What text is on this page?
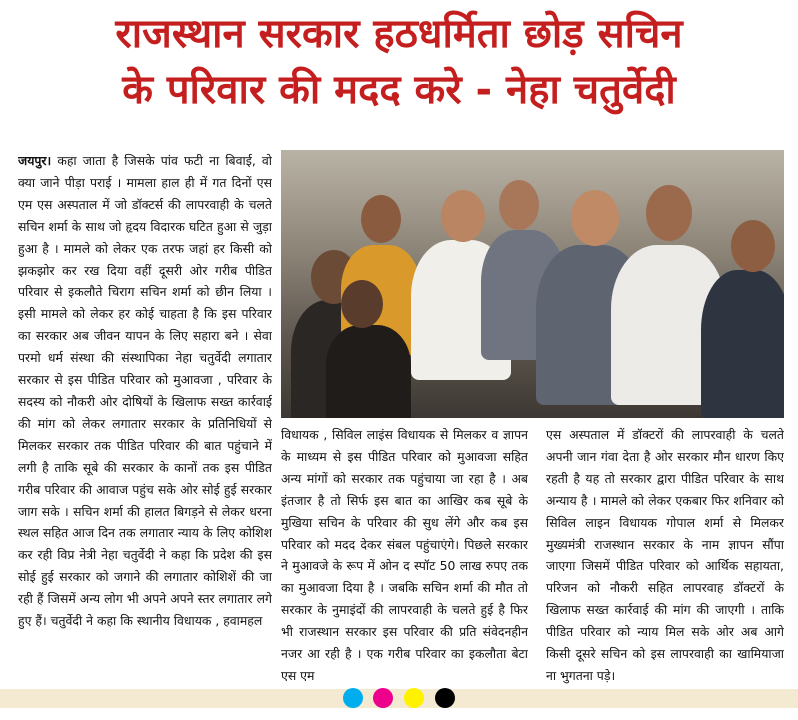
राजस्थान सरकार हठधर्मिता छोड़ सचिन
के परिवार की मदद करे - नेहा चतुर्वेदी
जयपुर। कहा जाता है जिसके पांव फटी ना बिवाई, वो क्या जाने पीड़ा पराई । मामला हाल ही में गत दिनों एस एम एस अस्पताल में जो डॉक्टर्स की लापरवाही के चलते सचिन शर्मा के साथ जो हृदय विदारक घटित हुआ से जुड़ा हुआ है । मामले को लेकर एक तरफ जहां हर किसी को झकझोर कर रख दिया वहीं दूसरी ओर गरीब पीडित परिवार से इकलौते चिराग सचिन शर्मा को छीन लिया । इसी मामले को लेकर हर कोई चाहता है कि इस परिवार का सरकार अब जीवन यापन के लिए सहारा बने । सेवा परमो धर्म संस्था की संस्थापिका नेहा चतुर्वेदी लगातार सरकार से इस पीडित परिवार को मुआवजा , परिवार के सदस्य को नौकरी ओर दोषियों के खिलाफ सख्त कार्रवाई की मांग को लेकर लगातार सरकार के प्रतिनिधियों से मिलकर सरकार तक पीडित परिवार की बात पहुंचाने में लगी है ताकि सूबे की सरकार के कानों तक इस पीडित गरीब परिवार की आवाज पहुंच सके ओर सोई हुई सरकार जाग सके । सचिन शर्मा की हालत बिगड़ने से लेकर धरना स्थल सहित आज दिन तक लगातार न्याय के लिए कोशिश कर रही विप्र नेत्री नेहा चतुर्वेदी ने कहा कि प्रदेश की इस सोई हुई सरकार को जगाने की लगातार कोशिशें की जा रही हैं जिसमें अन्य लोग भी अपने अपने स्तर लगातार लगे हुए हैं। चतुर्वेदी ने कहा कि स्थानीय विधायक , हवामहल
विधायक , सिविल लाइंस विधायक से मिलकर व ज्ञापन के माध्यम से इस पीडित परिवार को मुआवजा सहित अन्य मांगों को सरकार तक पहुंचाया जा रहा है । अब इंतजार है तो सिर्फ इस बात का आखिर कब सूबे के मुखिया सचिन के परिवार की सुध लेंगे और कब इस परिवार को मदद देकर संबल पहुंचाएंगे। पिछले सरकार ने मुआवजे के रूप में ओन द स्पॉट 50 लाख रुपए तक का मुआवजा दिया है । जबकि सचिन शर्मा की मौत तो सरकार के नुमाइंदों की लापरवाही के चलते हुई है फिर भी राजस्थान सरकार इस परिवार की प्रति संवेदनहीन नजर आ रही है । एक गरीब परिवार का इकलौता बेटा एस एम
एस अस्पताल में डॉक्टरों की लापरवाही के चलते अपनी जान गंवा देता है ओर सरकार मौन धारण किए रहती है यह तो सरकार द्वारा पीडित परिवार के साथ अन्याय है । मामले को लेकर एकबार फिर शनिवार को सिविल लाइन विधायक गोपाल शर्मा से मिलकर मुख्यमंत्री राजस्थान सरकार के नाम ज्ञापन सौंपा जाएगा जिसमें पीडित परिवार को आर्थिक सहायता, परिजन को नौकरी सहित लापरवाह डॉक्टरों के खिलाफ सख्त कार्रवाई की मांग की जाएगी । ताकि पीडित परिवार को न्याय मिल सके ओर अब आगे किसी दूसरे सचिन को इस लापरवाही का खामियाजा ना भुगतना पड़े।
